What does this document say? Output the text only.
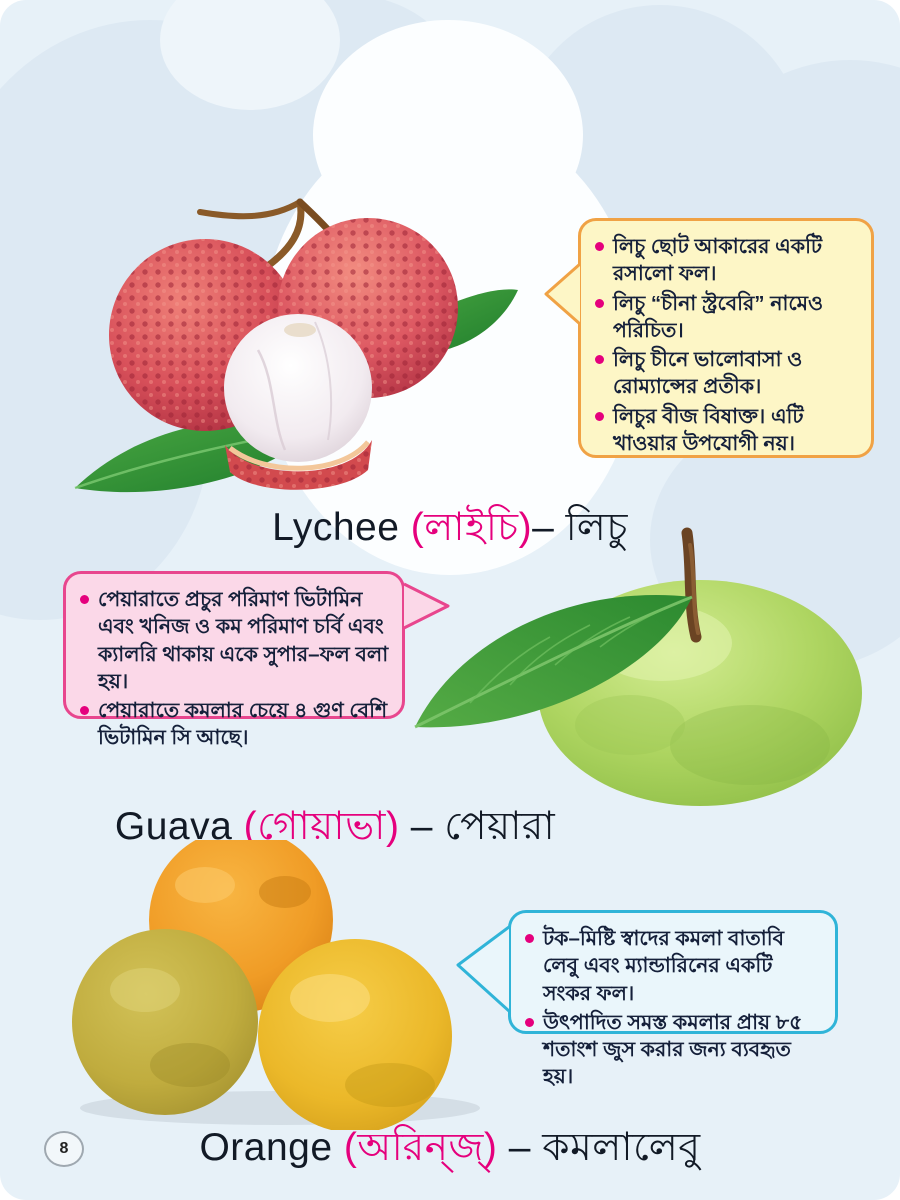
লিচু ছোট আকারের একটি রসালো ফল।
লিচু “চীনা স্ট্রবেরি” নামেও পরিচিত।
লিচু চীনে ভালোবাসা ও রোম্যান্সের প্রতীক।
লিচুর বীজ বিষাক্ত। এটি খাওয়ার উপযোগী নয়।
Lychee (লাইচি)– লিচু
পেয়ারাতে প্রচুর পরিমাণ ভিটামিন এবং খনিজ ও কম পরিমাণ চর্বি এবং ক্যালরি থাকায় একে সুপার–ফল বলা হয়।
পেয়ারাতে কমলার চেয়ে ৪ গুণ বেশি ভিটামিন সি আছে।
Guava (গোয়াভা) – পেয়ারা
টক–মিষ্টি স্বাদের কমলা বাতাবি লেবু এবং ম্যান্ডারিনের একটি সংকর ফল।
উৎপাদিত সমস্ত কমলার প্রায় ৮৫ শতাংশ জুস করার জন্য ব্যবহৃত হয়।
Orange (অরিন্‌জ্‌) – কমলালেবু
8
